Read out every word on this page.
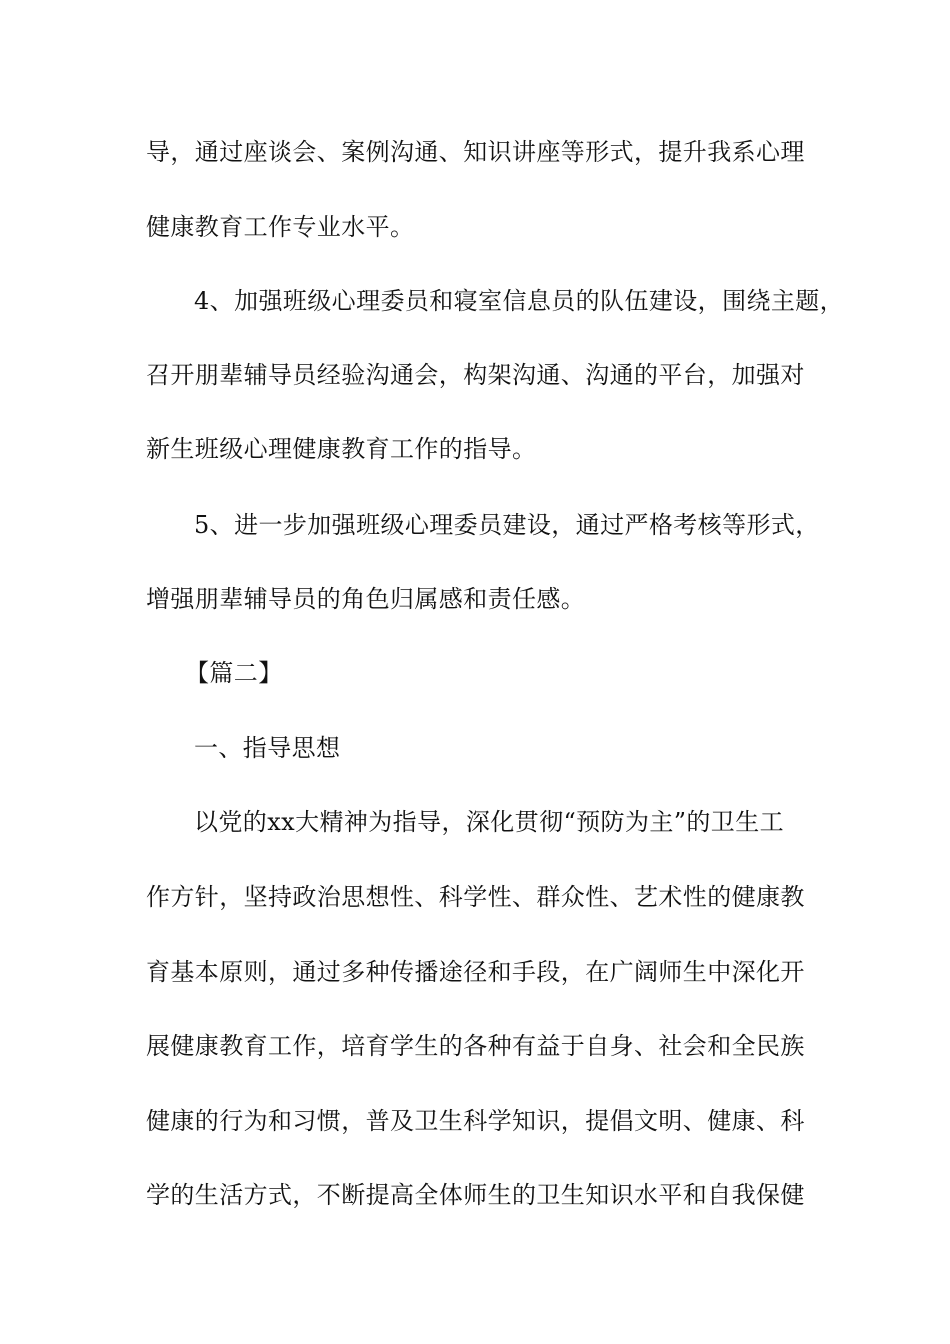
导，通过座谈会、案例沟通、知识讲座等形式，提升我系心理
健康教育工作专业水平。
4、加强班级心理委员和寝室信息员的队伍建设，围绕主题，
召开朋辈辅导员经验沟通会，构架沟通、沟通的平台，加强对
新生班级心理健康教育工作的指导。
5、进一步加强班级心理委员建设，通过严格考核等形式，
增强朋辈辅导员的角色归属感和责任感。
【篇二】
一、指导思想
以党的xx大精神为指导，深化贯彻“预防为主”的卫生工
作方针，坚持政治思想性、科学性、群众性、艺术性的健康教
育基本原则，通过多种传播途径和手段，在广阔师生中深化开
展健康教育工作，培育学生的各种有益于自身、社会和全民族
健康的行为和习惯，普及卫生科学知识，提倡文明、健康、科
学的生活方式，不断提高全体师生的卫生知识水平和自我保健
